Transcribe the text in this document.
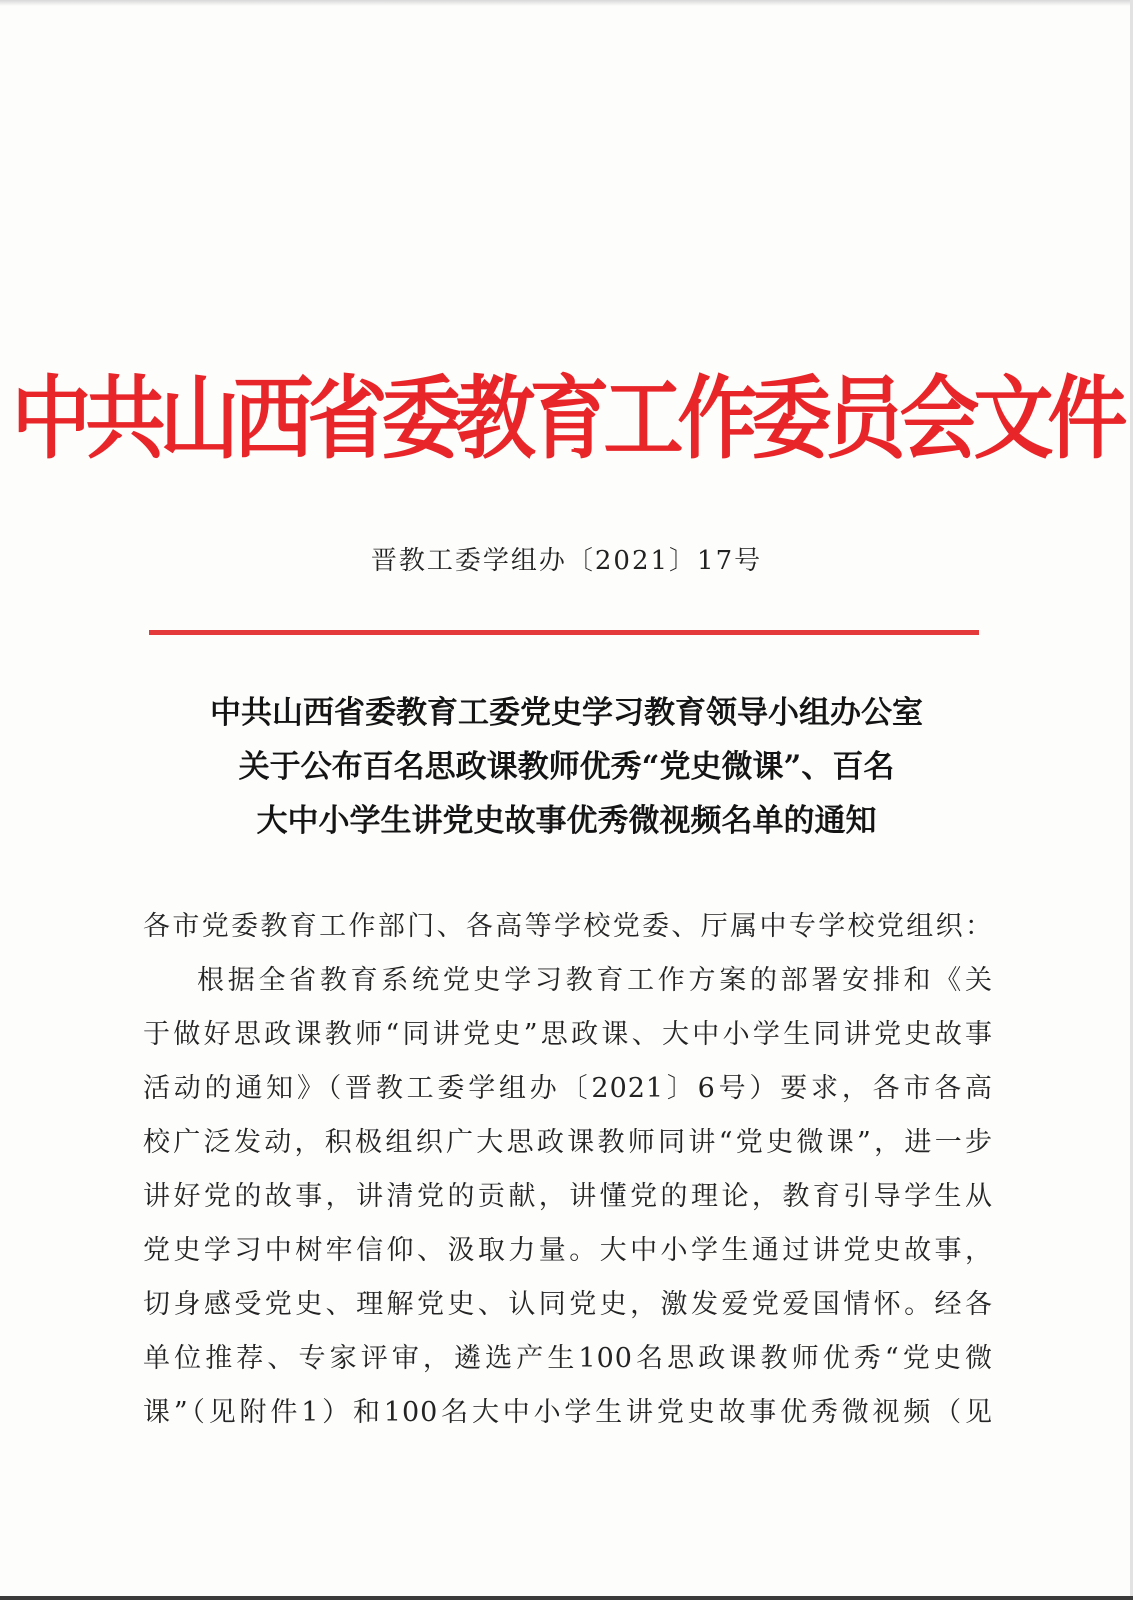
中共山西省委教育工作委员会文件
晋教工委学组办〔2021〕17号
中共山西省委教育工委党史学习教育领导小组办公室
关于公布百名思政课教师优秀“党史微课”、百名
大中小学生讲党史故事优秀微视频名单的通知
各市党委教育工作部门、各高等学校党委、厅属中专学校党组织：
根据全省教育系统党史学习教育工作方案的部署安排和《关
于做好思政课教师“同讲党史”思政课、大中小学生同讲党史故事
活动的通知》（晋教工委学组办〔2021〕6号）要求，各市各高
校广泛发动，积极组织广大思政课教师同讲“党史微课”，进一步
讲好党的故事，讲清党的贡献，讲懂党的理论，教育引导学生从
党史学习中树牢信仰、汲取力量。大中小学生通过讲党史故事，
切身感受党史、理解党史、认同党史，激发爱党爱国情怀。经各
单位推荐、专家评审，遴选产生100名思政课教师优秀“党史微
课”（见附件1）和100名大中小学生讲党史故事优秀微视频（见
